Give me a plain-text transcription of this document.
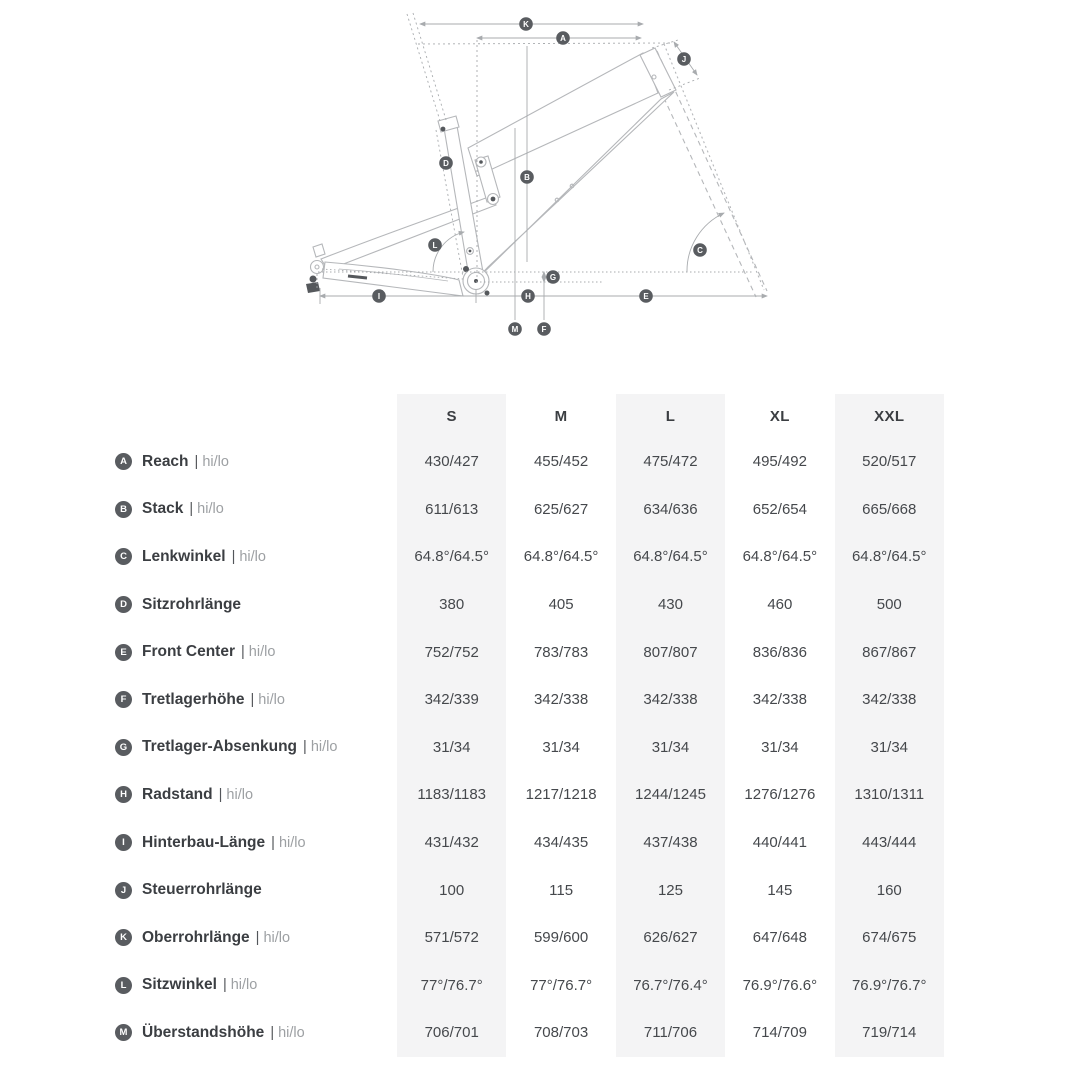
A
B
C
D
E
F
G
H
I
J
K
L
M
S	M	L	XL	XXL
A Reach | hi/lo	430/427	455/452	475/472	495/492	520/517
B Stack | hi/lo	611/613	625/627	634/636	652/654	665/668
C Lenkwinkel | hi/lo	64.8°/64.5°	64.8°/64.5°	64.8°/64.5°	64.8°/64.5°	64.8°/64.5°
D Sitzrohrlänge	380	405	430	460	500
E Front Center | hi/lo	752/752	783/783	807/807	836/836	867/867
F	Tretlagerhöhe | hi/lo	342/339	342/338	342/338	342/338	342/338
G Tretlager-Absenkung | hi/lo	31/34	31/34	31/34	31/34	31/34
H Radstand | hi/lo	1183/1183	1217/1218	1244/1245	1276/1276	1310/1311
I	Hinterbau-Länge | hi/lo	431/432	434/435	437/438	440/441	443/444
J	Steuerrohrlänge	100	115	125	145	160
K Oberrohrlänge | hi/lo	571/572	599/600	626/627	647/648	674/675
L	Sitzwinkel | hi/lo	77°/76.7°	77°/76.7°	76.7°/76.4°	76.9°/76.6°	76.9°/76.7°
M Überstandshöhe | hi/lo	706/701	708/703	711/706	714/709	719/714
